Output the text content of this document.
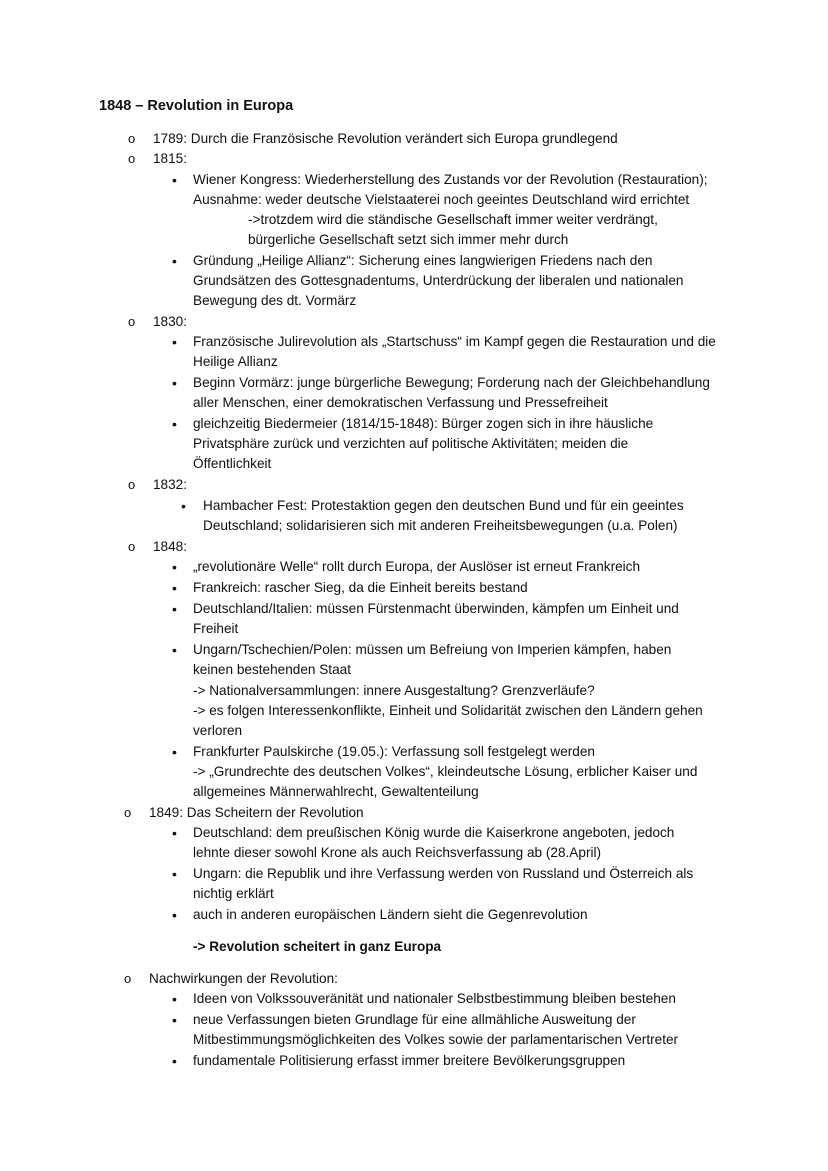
1848 – Revolution in Europa
o 1789: Durch die Französische Revolution verändert sich Europa grundlegend
o 1815:
• Wiener Kongress: Wiederherstellung des Zustands vor der Revolution (Restauration);
Ausnahme: weder deutsche Vielstaaterei noch geeintes Deutschland wird errichtet
->trotzdem wird die ständische Gesellschaft immer weiter verdrängt,
bürgerliche Gesellschaft setzt sich immer mehr durch
• Gründung „Heilige Allianz“: Sicherung eines langwierigen Friedens nach den
Grundsätzen des Gottesgnadentums, Unterdrückung der liberalen und nationalen
Bewegung des dt. Vormärz
o 1830:
• Französische Julirevolution als „Startschuss“ im Kampf gegen die Restauration und die
Heilige Allianz
• Beginn Vormärz: junge bürgerliche Bewegung; Forderung nach der Gleichbehandlung
aller Menschen, einer demokratischen Verfassung und Pressefreiheit
• gleichzeitig Biedermeier (1814/15-1848): Bürger zogen sich in ihre häusliche
Privatsphäre zurück und verzichten auf politische Aktivitäten; meiden die
Öffentlichkeit
o 1832:
• Hambacher Fest: Protestaktion gegen den deutschen Bund und für ein geeintes
Deutschland; solidarisieren sich mit anderen Freiheitsbewegungen (u.a. Polen)
o 1848:
• „revolutionäre Welle“ rollt durch Europa, der Auslöser ist erneut Frankreich
• Frankreich: rascher Sieg, da die Einheit bereits bestand
• Deutschland/Italien: müssen Fürstenmacht überwinden, kämpfen um Einheit und
Freiheit
• Ungarn/Tschechien/Polen: müssen um Befreiung von Imperien kämpfen, haben
keinen bestehenden Staat
-> Nationalversammlungen: innere Ausgestaltung? Grenzverläufe?
-> es folgen Interessenkonflikte, Einheit und Solidarität zwischen den Ländern gehen
verloren
• Frankfurter Paulskirche (19.05.): Verfassung soll festgelegt werden
-> „Grundrechte des deutschen Volkes“, kleindeutsche Lösung, erblicher Kaiser und
allgemeines Männerwahlrecht, Gewaltenteilung
o 1849: Das Scheitern der Revolution
• Deutschland: dem preußischen König wurde die Kaiserkrone angeboten, jedoch
lehnte dieser sowohl Krone als auch Reichsverfassung ab (28.April)
• Ungarn: die Republik und ihre Verfassung werden von Russland und Österreich als
nichtig erklärt
• auch in anderen europäischen Ländern sieht die Gegenrevolution
-> Revolution scheitert in ganz Europa
o Nachwirkungen der Revolution:
• Ideen von Volkssouveränität und nationaler Selbstbestimmung bleiben bestehen
• neue Verfassungen bieten Grundlage für eine allmähliche Ausweitung der
Mitbestimmungsmöglichkeiten des Volkes sowie der parlamentarischen Vertreter
• fundamentale Politisierung erfasst immer breitere Bevölkerungsgruppen
